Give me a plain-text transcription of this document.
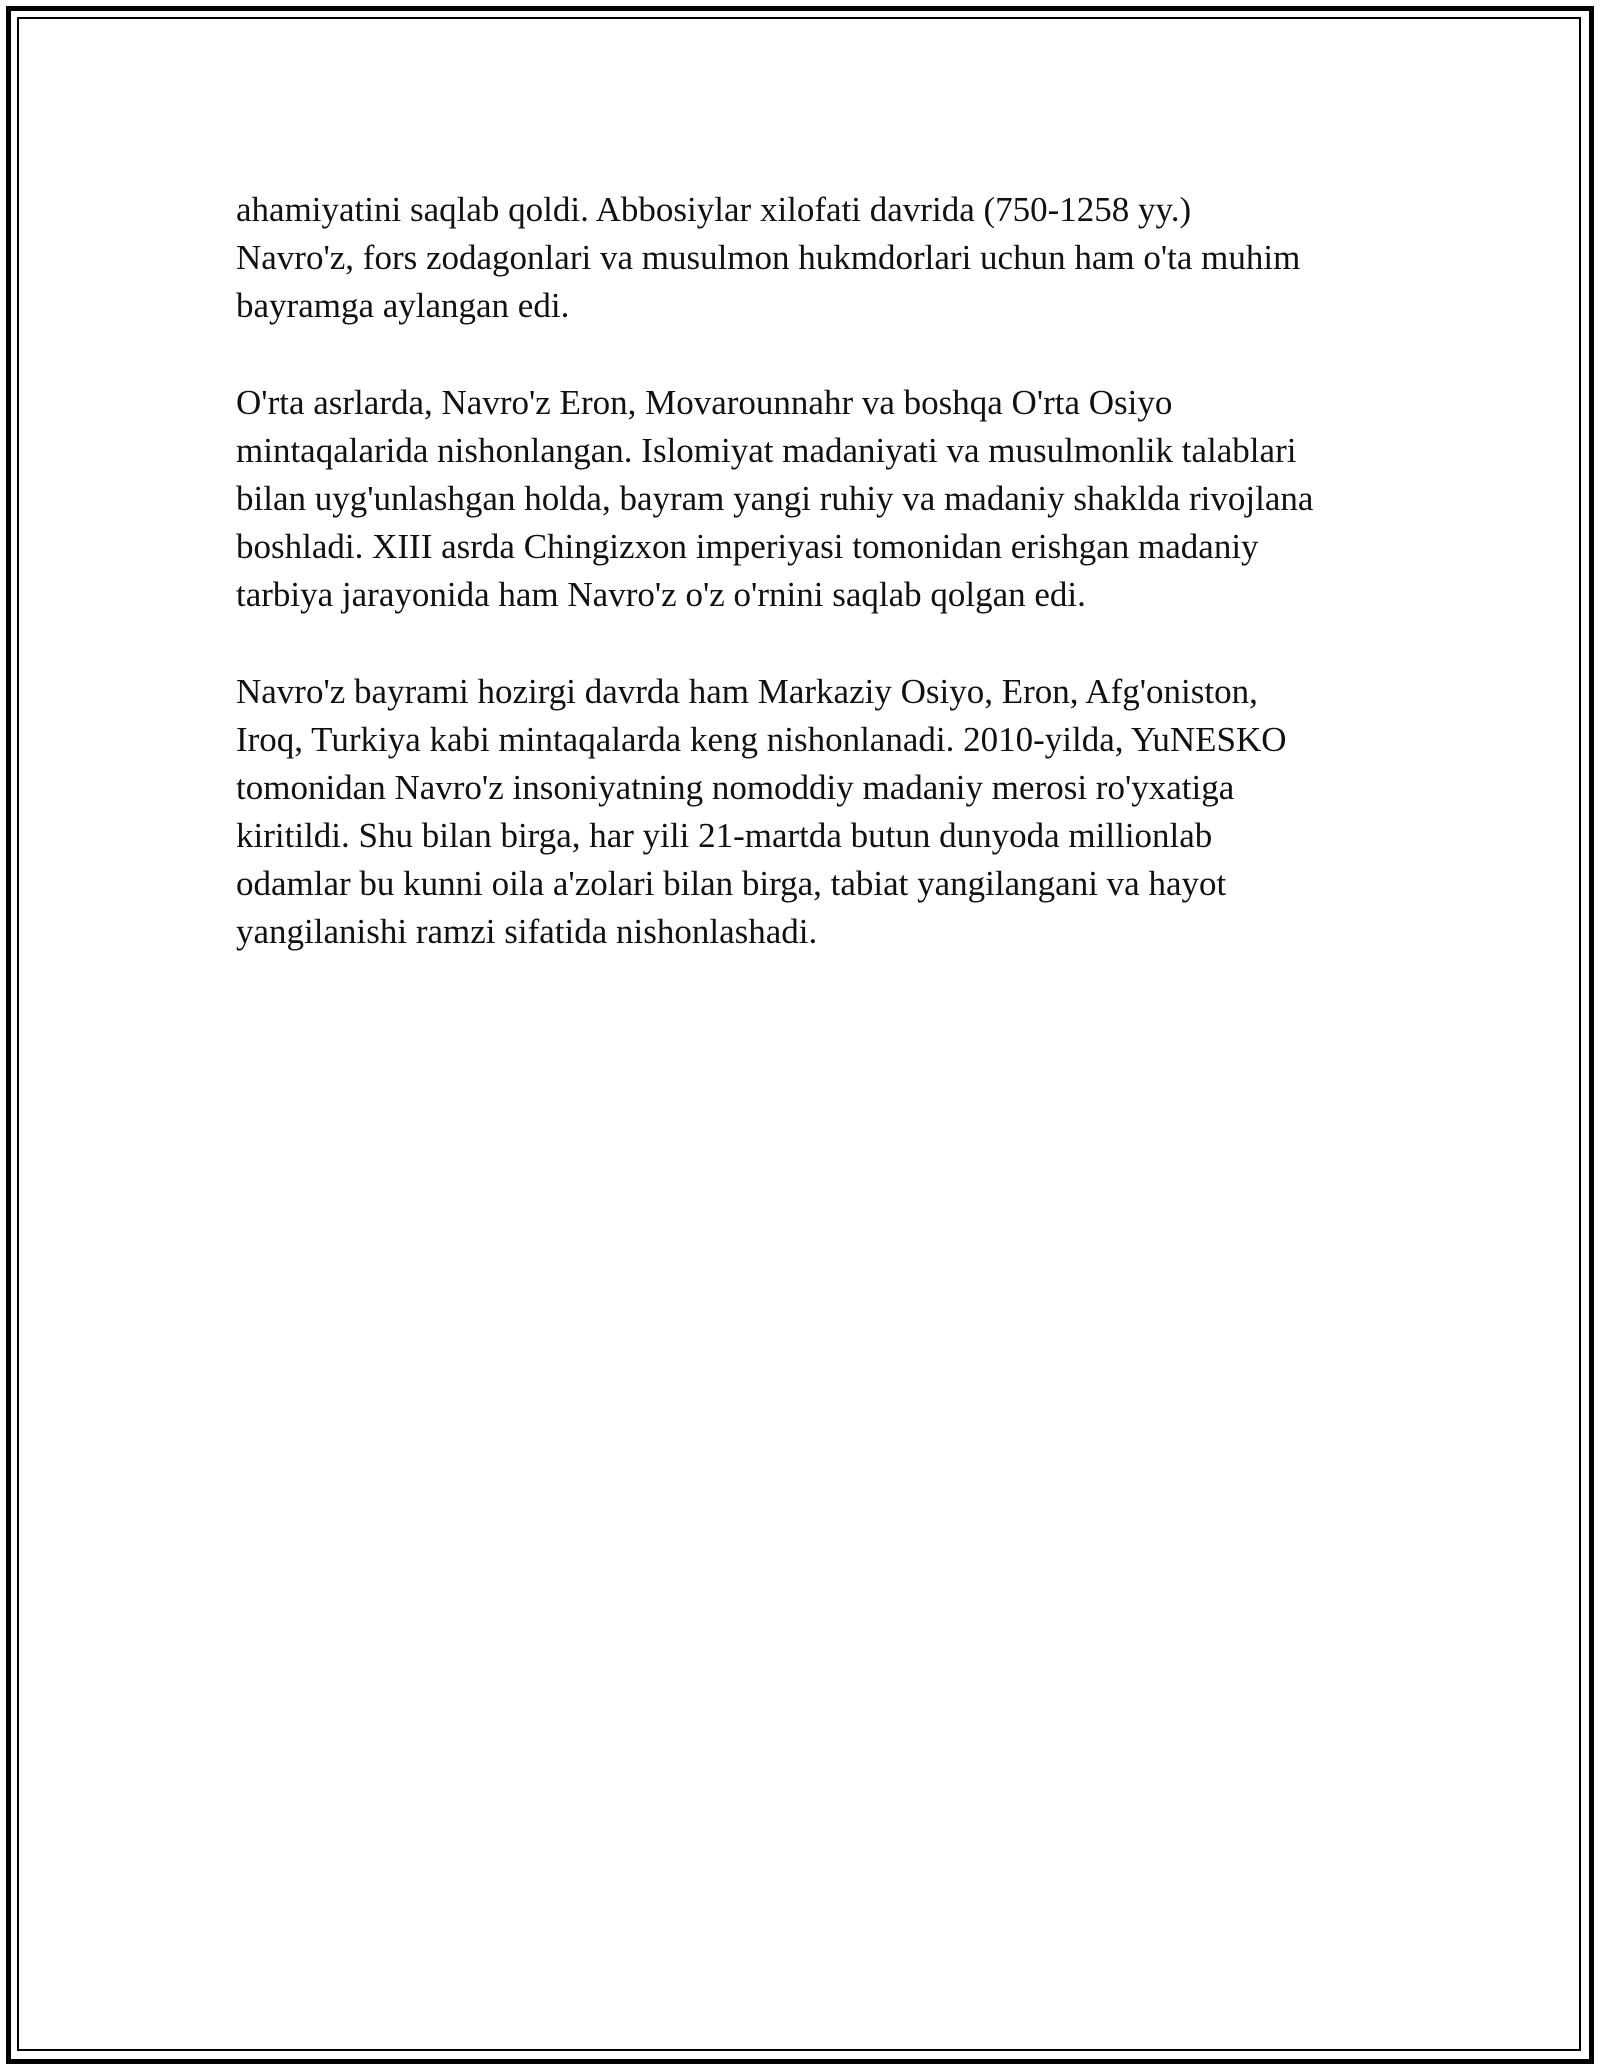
ahamiyatini saqlab qoldi. Abbosiylar xilofati davrida (750-1258 yy.)
Navro'z, fors zodagonlari va musulmon hukmdorlari uchun ham o'ta muhim
bayramga aylangan edi.

O'rta asrlarda, Navro'z Eron, Movarounnahr va boshqa O'rta Osiyo
mintaqalarida nishonlangan. Islomiyat madaniyati va musulmonlik talablari
bilan uyg'unlashgan holda, bayram yangi ruhiy va madaniy shaklda rivojlana
boshladi. XIII asrda Chingizxon imperiyasi tomonidan erishgan madaniy
tarbiya jarayonida ham Navro'z o'z o'rnini saqlab qolgan edi.

Navro'z bayrami hozirgi davrda ham Markaziy Osiyo, Eron, Afg'oniston,
Iroq, Turkiya kabi mintaqalarda keng nishonlanadi. 2010-yilda, YuNESKO
tomonidan Navro'z insoniyatning nomoddiy madaniy merosi ro'yxatiga
kiritildi. Shu bilan birga, har yili 21-martda butun dunyoda millionlab
odamlar bu kunni oila a'zolari bilan birga, tabiat yangilangani va hayot
yangilanishi ramzi sifatida nishonlashadi.
